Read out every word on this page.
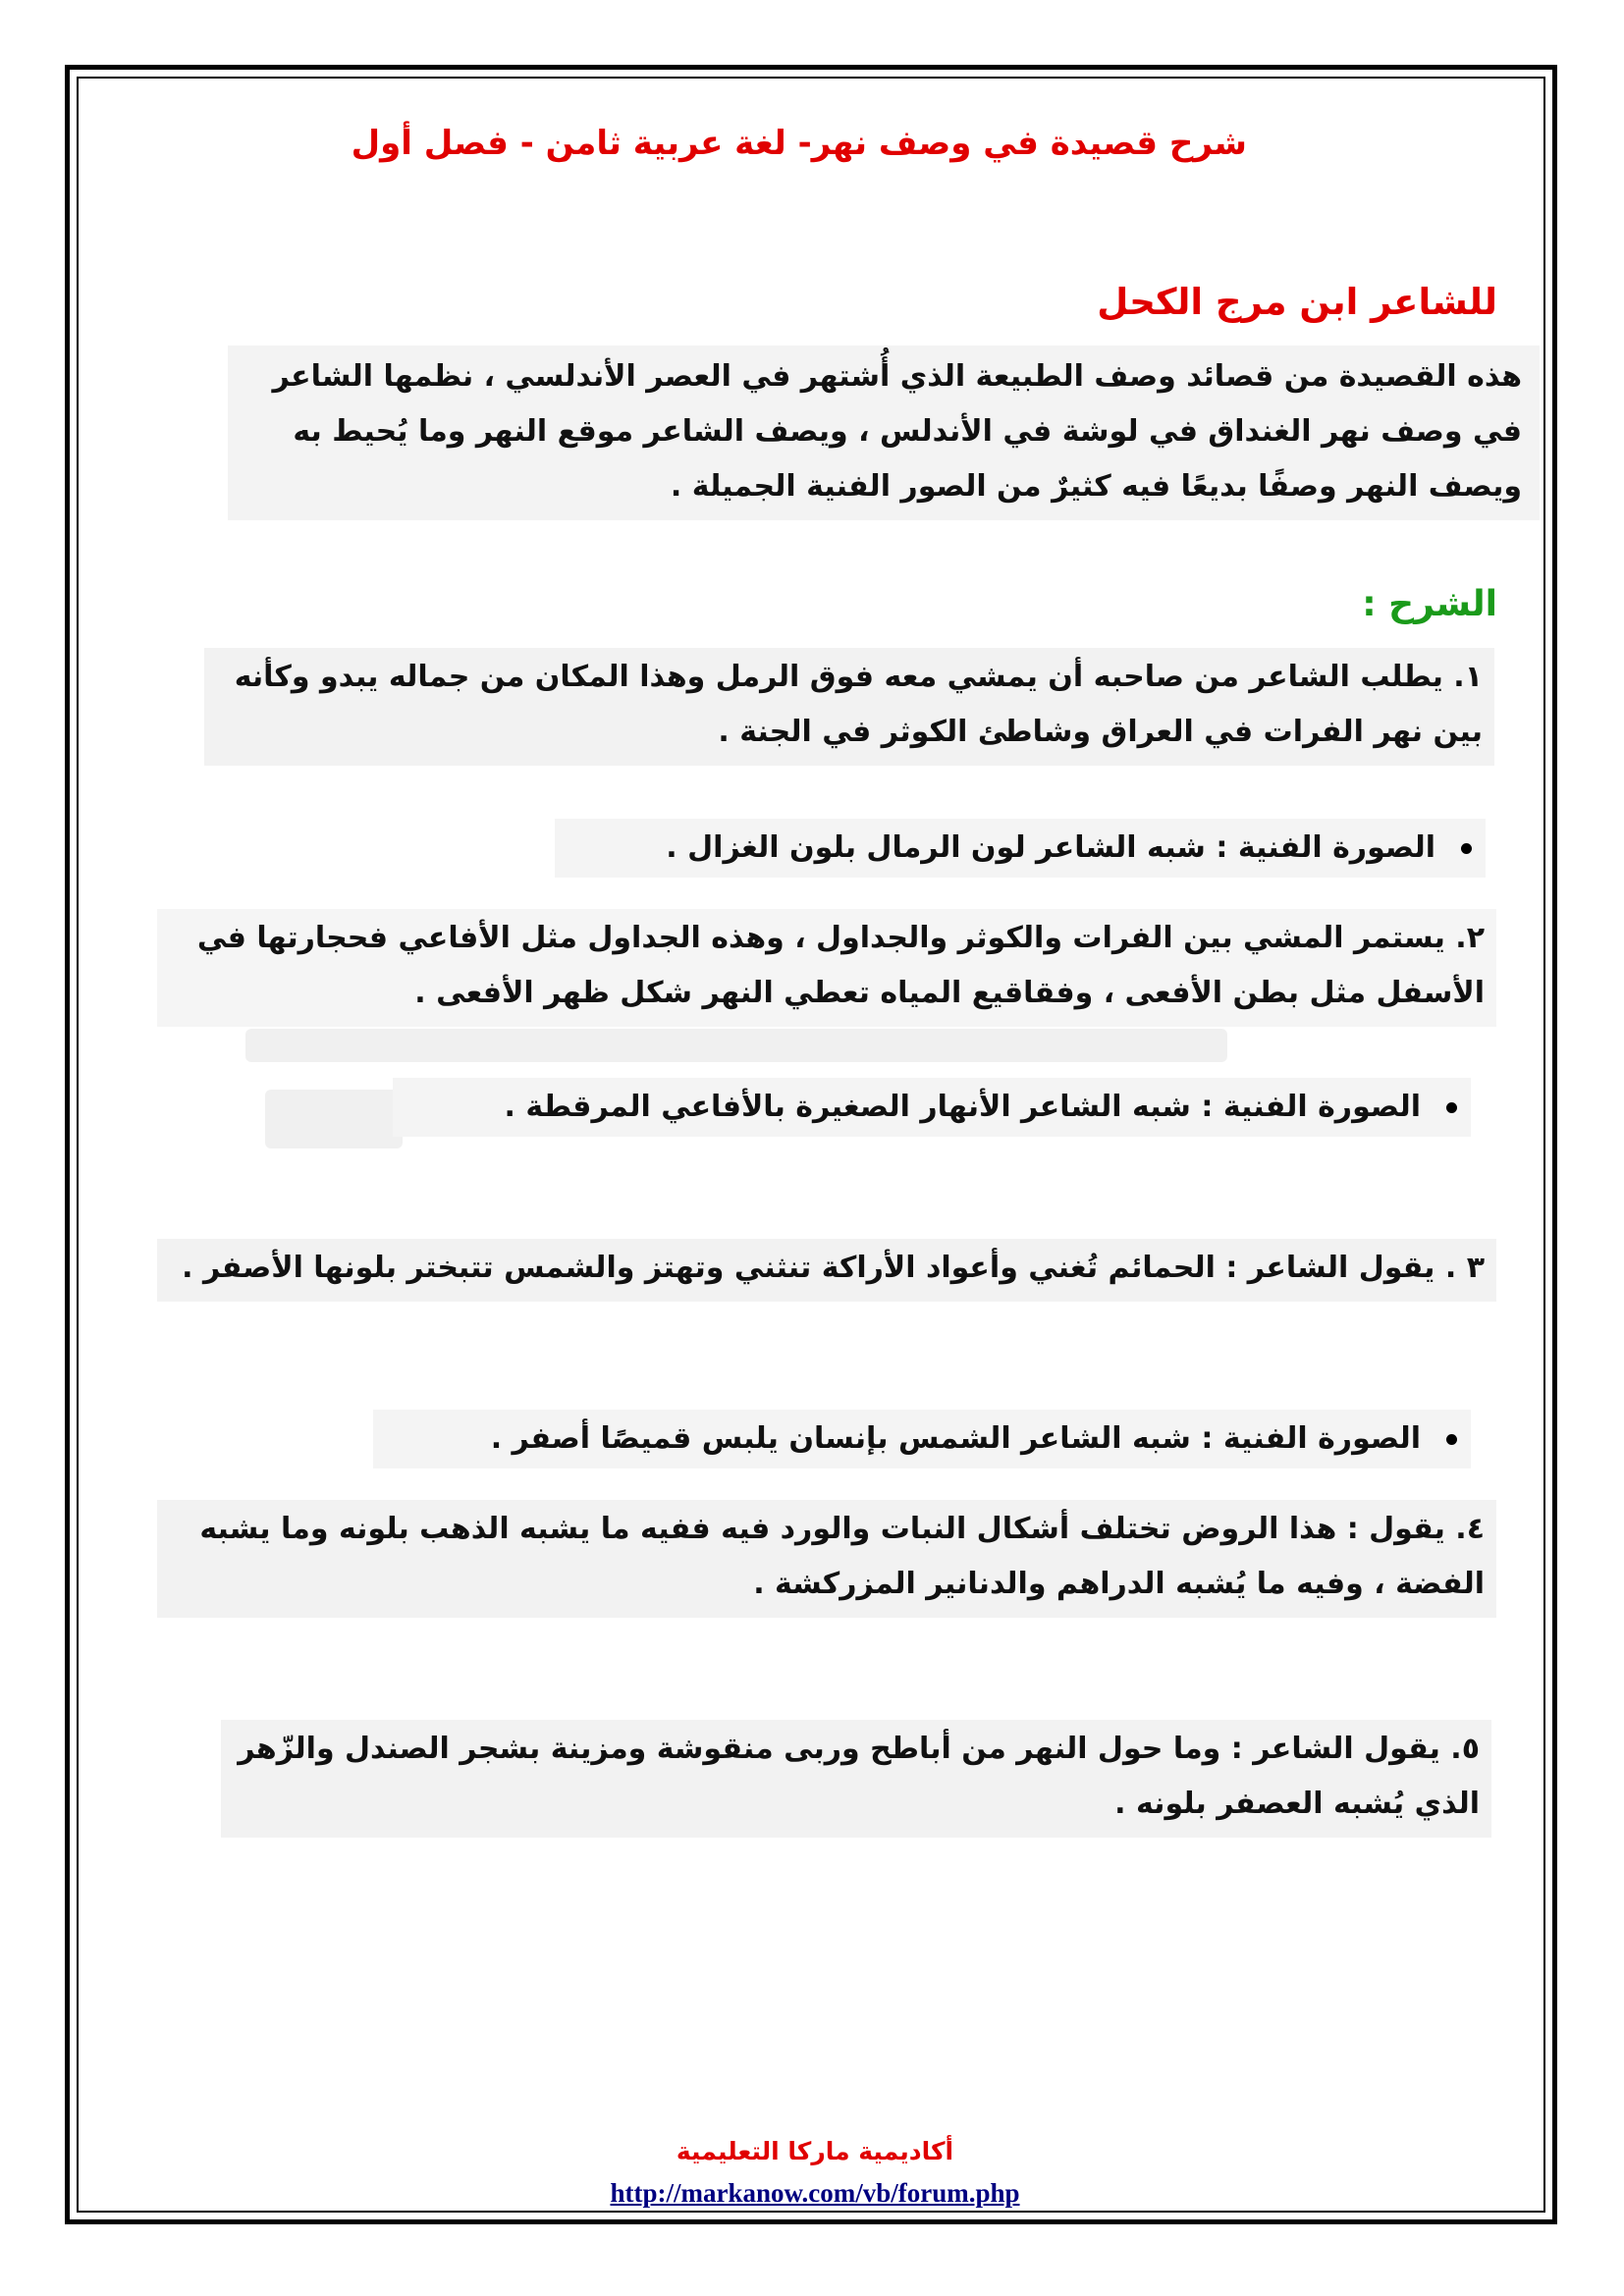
شرح قصيدة في وصف نهر- لغة عربية ثامن - فصل أول
للشاعر ابن مرج الكحل
هذه القصيدة من قصائد وصف الطبيعة الذي أُشتهر في العصر الأندلسي ، نظمها الشاعر في وصف نهر الغنداق في لوشة في الأندلس ، ويصف الشاعر موقع النهر وما يُحيط به ويصف النهر وصفًا بديعًا فيه كثيرٌ من الصور الفنية الجميلة .
الشرح :
١. يطلب الشاعر من صاحبه أن يمشي معه فوق الرمل وهذا المكان من جماله يبدو وكأنه بين نهر الفرات في العراق وشاطئ الكوثر في الجنة .
الصورة الفنية : شبه الشاعر لون الرمال بلون الغزال .
٢. يستمر المشي بين الفرات والكوثر والجداول ، وهذه الجداول مثل الأفاعي فحجارتها في الأسفل مثل بطن الأفعى ، وفقاقيع المياه تعطي النهر شكل ظهر الأفعى .
الصورة الفنية : شبه الشاعر الأنهار الصغيرة بالأفاعي المرقطة .
٣ . يقول الشاعر : الحمائم تُغني وأعواد الأراكة تنثني وتهتز والشمس تتبختر بلونها الأصفر .
الصورة الفنية : شبه الشاعر الشمس بإنسان يلبس قميصًا أصفر .
٤. يقول : هذا الروض تختلف أشكال النبات والورد فيه ففيه ما يشبه الذهب بلونه وما يشبه الفضة ، وفيه ما يُشبه الدراهم والدنانير المزركشة .
٥. يقول الشاعر : وما حول النهر من أباطح وربى منقوشة ومزينة بشجر الصندل والزّهر الذي يُشبه العصفر بلونه .
أكاديمية ماركا التعليمية
http://markanow.com/vb/forum.php
